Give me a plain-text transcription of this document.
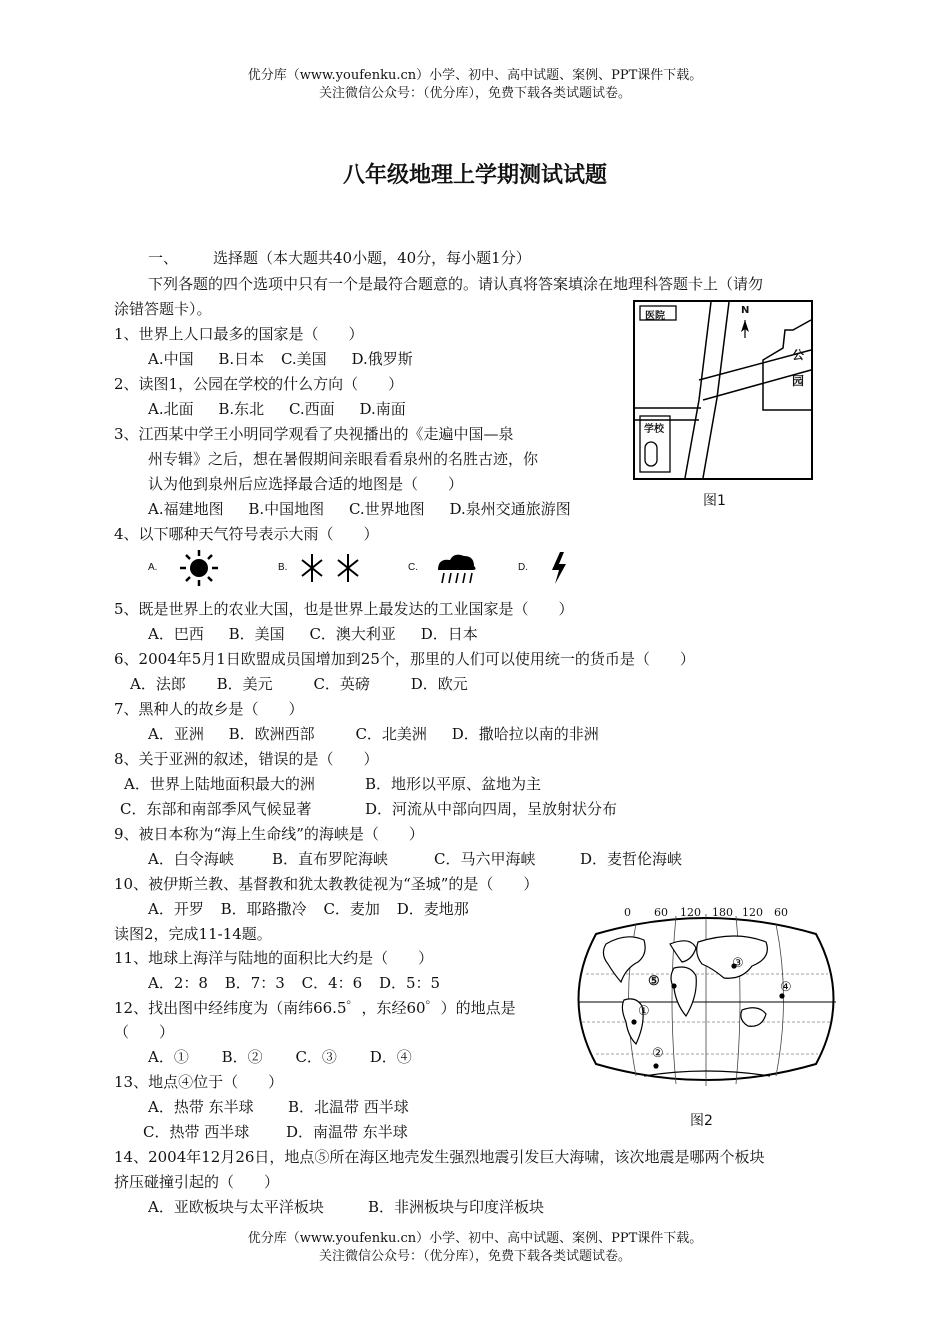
优分库（www.youfenku.cn）小学、初中、高中试题、案例、PPT课件下载。
关注微信公众号：（优分库），免费下载各类试题试卷。
八年级地理上学期测试试题
一、 选择题（本大题共40小题，40分，每小题1分）
下列各题的四个选项中只有一个是最符合题意的。请认真将答案填涂在地理科答题卡上（请勿
涂错答题卡）。
1、世界上人口最多的国家是（　　）
A.中国 B.日本 C.美国 D.俄罗斯
2、读图1，公园在学校的什么方向（　　）
A.北面 B.东北 C.西面 D.南面
3、江西某中学王小明同学观看了央视播出的《走遍中国—泉
州专辑》之后，想在暑假期间亲眼看看泉州的名胜古迹，你
认为他到泉州后应选择最合适的地图是（　　）
A.福建地图 B.中国地图 C.世界地图 D.泉州交通旅游图
医院
学校
公
园
N
图1
4、以下哪种天气符号表示大雨（　　）
A.	B.	C.	D.
5、既是世界上的农业大国，也是世界上最发达的工业国家是（　　）
A．巴西 B．美国 C．澳大利亚 D．日本
6、2004年5月1日欧盟成员国增加到25个，那里的人们可以使用统一的货币是（　　）
A．法郎 B．美元	C．英磅	D．欧元
7、黑种人的故乡是（　　）
A．亚洲 B．欧洲西部	C．北美洲 D．撒哈拉以南的非洲
8、关于亚洲的叙述，错误的是（　　）
A．世界上陆地面积最大的洲	B．地形以平原、盆地为主
C．东部和南部季风气候显著	D．河流从中部向四周，呈放射状分布
9、被日本称为“海上生命线”的海峡是（　　）
A．白令海峡	B．直布罗陀海峡	C．马六甲海峡	D．麦哲伦海峡
10、被伊斯兰教、基督教和犹太教教徒视为“圣城”的是（　　）
A．开罗 B．耶路撒冷 C．麦加 D．麦地那
读图2，完成11-14题。
11、地球上海洋与陆地的面积比大约是（　　）
A．2：8 B．7：3 C．4：6 D．5：5
12、找出图中经纬度为（南纬66.5゜，东经60゜）的地点是
（　　）
A．① B．② C．③ D．④
13、地点④位于（　　）
A．热带 东半球 B．北温带 西半球
C．热带 西半球 D．南温带 东半球
14、2004年12月26日，地点⑤所在海区地壳发生强烈地震引发巨大海啸，该次地震是哪两个板块
挤压碰撞引起的（　　）
A．亚欧板块与太平洋板块	B．非洲板块与印度洋板块
0 60 120 180 120 60
①
②
③
④
⑤
图2
优分库（www.youfenku.cn）小学、初中、高中试题、案例、PPT课件下载。
关注微信公众号：（优分库），免费下载各类试题试卷。
